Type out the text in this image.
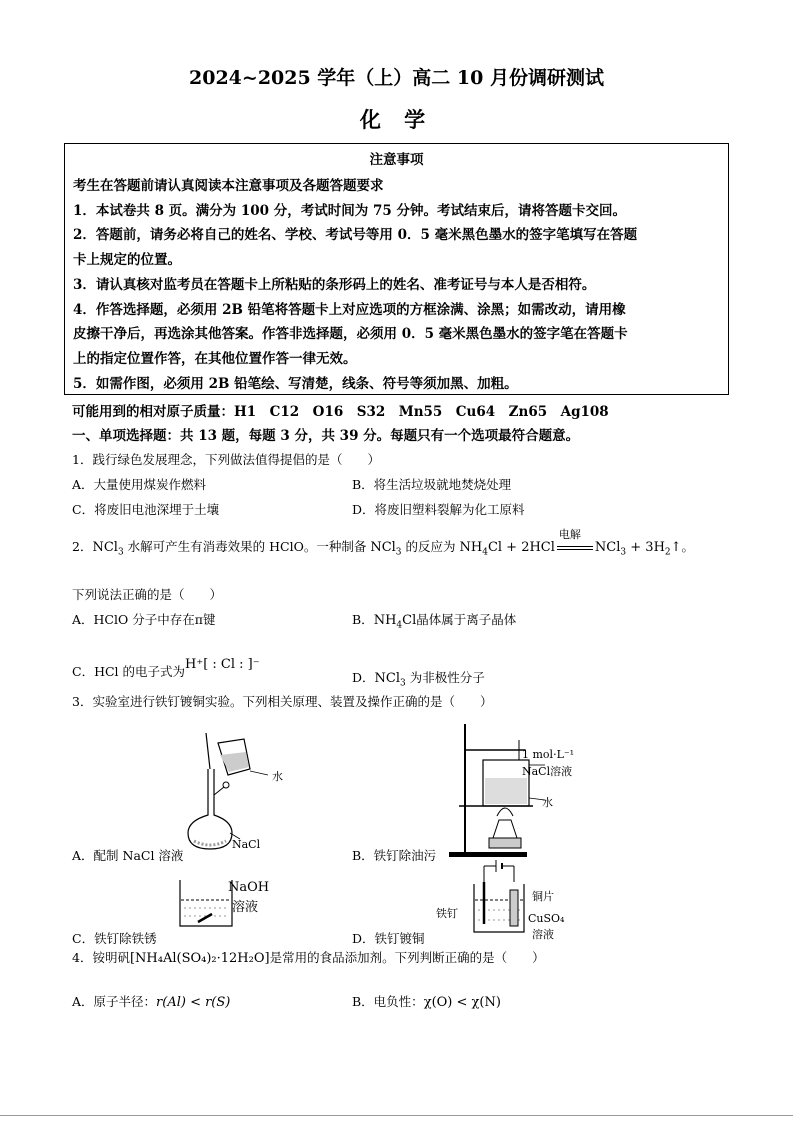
2024~2025 学年（上）高二 10 月份调研测试
化 学
注意事项
考生在答题前请认真阅读本注意事项及各题答题要求
1．本试卷共 8 页。满分为 100 分，考试时间为 75 分钟。考试结束后，请将答题卡交回。
2．答题前，请务必将自己的姓名、学校、考试号等用 0．5 毫米黑色墨水的签字笔填写在答题
卡上规定的位置。
3．请认真核对监考员在答题卡上所粘贴的条形码上的姓名、准考证号与本人是否相符。
4．作答选择题，必须用 2B 铅笔将答题卡上对应选项的方框涂满、涂黑；如需改动，请用橡
皮擦干净后，再选涂其他答案。作答非选择题，必须用 0．5 毫米黑色墨水的签字笔在答题卡
上的指定位置作答，在其他位置作答一律无效。
5．如需作图，必须用 2B 铅笔绘、写清楚，线条、符号等须加黑、加粗。
可能用到的相对原子质量：H1　C12　O16　S32　Mn55　Cu64　Zn65　Ag108
一、单项选择题：共 13 题，每题 3 分，共 39 分。每题只有一个选项最符合题意。
1．践行绿色发展理念，下列做法值得提倡的是（　　）
A．大量使用煤炭作燃料	B．将生活垃圾就地焚烧处理
C．将废旧电池深埋于土壤	D．将废旧塑料裂解为化工原料
2．NCl$_3$ 水解可产生有消毒效果的 HClO。一种制备 NCl$_3$ 的反应为 $NH_4Cl + 2HCl$
电解
$NCl_3 + 3H_2↑$。
下列说法正确的是（　　）
A．HClO 分子中存在π键	B．$NH_4Cl$晶体属于离子晶体
C．HCl 的电子式为H⁺[ : Cl : ]⁻
D．NCl$_3$ 为非极性分子
3．实验室进行铁钉镀铜实验。下列相关原理、装置及操作正确的是（　　）
水
NaCl
1 mol·L⁻¹
NaCl溶液
水
A．配制 NaCl 溶液	B．铁钉除油污
NaOH
溶液
铜片
铁钉	CuSO₄
溶液
C．铁钉除铁锈	D．铁钉镀铜
4．铵明矾[NH₄Al(SO₄)₂·12H₂O]是常用的食品添加剂。下列判断正确的是（　　）
A．原子半径：r(Al) < r(S)	B．电负性：χ(O) < χ(N)
